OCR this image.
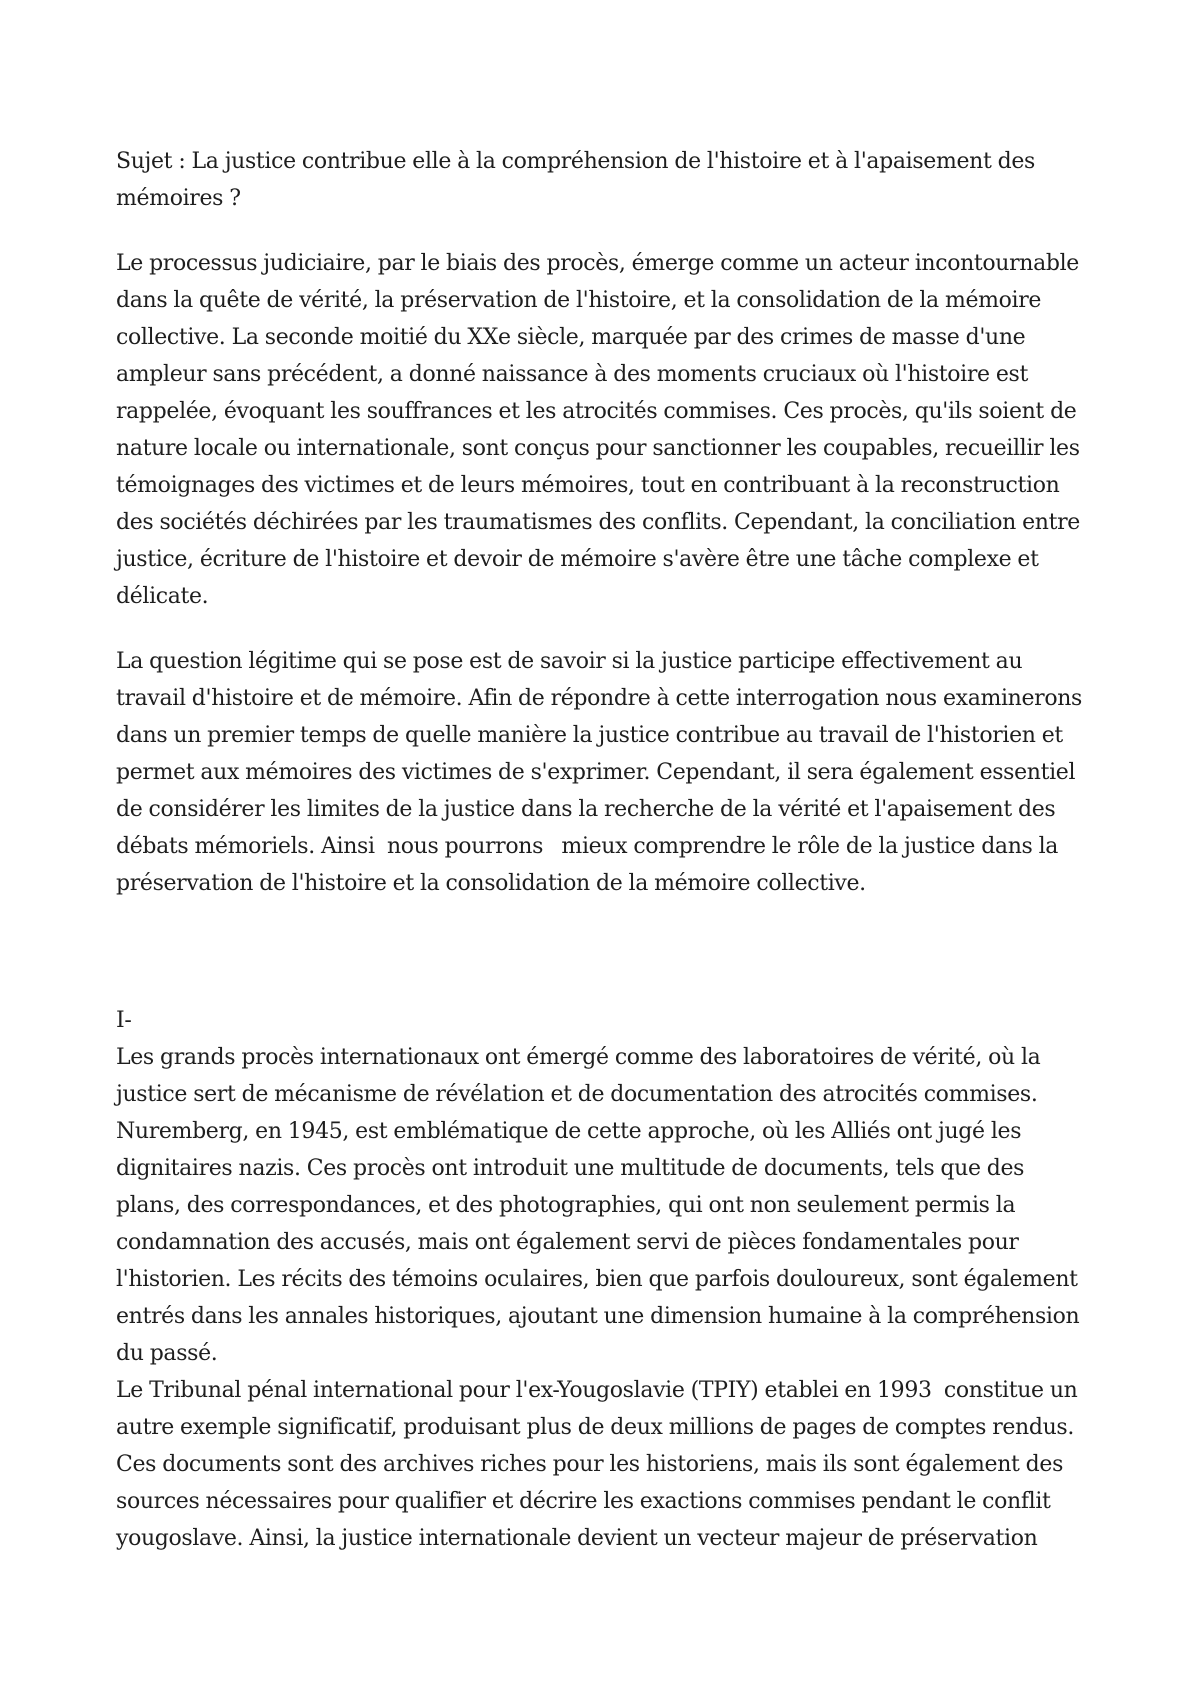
Sujet : La justice contribue elle à la compréhension de l'histoire et à l'apaisement des
mémoires ?
Le processus judiciaire, par le biais des procès, émerge comme un acteur incontournable
dans la quête de vérité, la préservation de l'histoire, et la consolidation de la mémoire
collective. La seconde moitié du XXe siècle, marquée par des crimes de masse d'une
ampleur sans précédent, a donné naissance à des moments cruciaux où l'histoire est
rappelée, évoquant les souffrances et les atrocités commises. Ces procès, qu'ils soient de
nature locale ou internationale, sont conçus pour sanctionner les coupables, recueillir les
témoignages des victimes et de leurs mémoires, tout en contribuant à la reconstruction
des sociétés déchirées par les traumatismes des conflits. Cependant, la conciliation entre
justice, écriture de l'histoire et devoir de mémoire s'avère être une tâche complexe et
délicate.
La question légitime qui se pose est de savoir si la justice participe effectivement au
travail d'histoire et de mémoire. Afin de répondre à cette interrogation nous examinerons
dans un premier temps de quelle manière la justice contribue au travail de l'historien et
permet aux mémoires des victimes de s'exprimer. Cependant, il sera également essentiel
de considérer les limites de la justice dans la recherche de la vérité et l'apaisement des
débats mémoriels. Ainsi  nous pourrons   mieux comprendre le rôle de la justice dans la
préservation de l'histoire et la consolidation de la mémoire collective.
I-
Les grands procès internationaux ont émergé comme des laboratoires de vérité, où la
justice sert de mécanisme de révélation et de documentation des atrocités commises.
Nuremberg, en 1945, est emblématique de cette approche, où les Alliés ont jugé les
dignitaires nazis. Ces procès ont introduit une multitude de documents, tels que des
plans, des correspondances, et des photographies, qui ont non seulement permis la
condamnation des accusés, mais ont également servi de pièces fondamentales pour
l'historien. Les récits des témoins oculaires, bien que parfois douloureux, sont également
entrés dans les annales historiques, ajoutant une dimension humaine à la compréhension
du passé.
Le Tribunal pénal international pour l'ex-Yougoslavie (TPIY) etablei en 1993  constitue un
autre exemple significatif, produisant plus de deux millions de pages de comptes rendus.
Ces documents sont des archives riches pour les historiens, mais ils sont également des
sources nécessaires pour qualifier et décrire les exactions commises pendant le conflit
yougoslave. Ainsi, la justice internationale devient un vecteur majeur de préservation
